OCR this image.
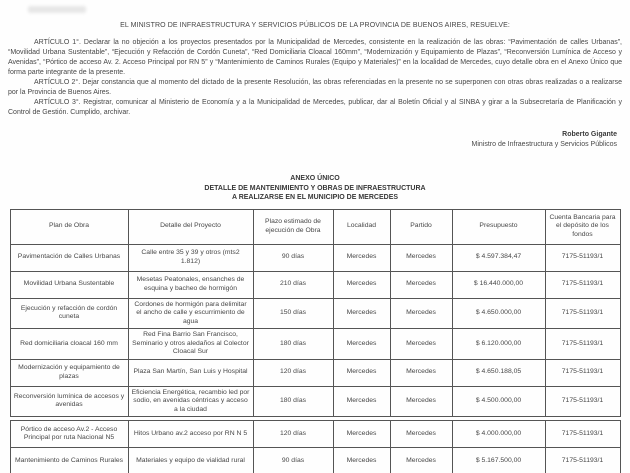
EL MINISTRO DE INFRAESTRUCTURA Y SERVICIOS PÚBLICOS DE LA PROVINCIA DE BUENOS AIRES, RESUELVE:

ARTÍCULO 1°. Declarar la no objeción a los proyectos presentados por la Municipalidad de Mercedes, consistente en la realización de las obras: “Pavimentación de calles Urbanas”, “Movilidad Urbana Sustentable”, “Ejecución y Refacción de Cordón Cuneta”, “Red Domiciliaria Cloacal 160mm”, “Modernización y Equipamiento de Plazas”, “Reconversión Lumínica de Acceso y Avenidas”, “Pórtico de acceso Av. 2. Acceso Principal por RN 5” y “Mantenimiento de Caminos Rurales (Equipo y Materiales)” en la localidad de Mercedes, cuyo detalle obra en el Anexo Único que forma parte integrante de la presente.

ARTÍCULO 2°. Dejar constancia que al momento del dictado de la presente Resolución, las obras referenciadas en la presente no se superponen con otras obras realizadas o a realizarse por la Provincia de Buenos Aires.

ARTÍCULO 3°. Registrar, comunicar al Ministerio de Economía y a la Municipalidad de Mercedes, publicar, dar al Boletín Oficial y al SINBA y girar a la Subsecretaría de Planificación y Control de Gestión. Cumplido, archivar.

Roberto Gigante
Ministro de Infraestructura y Servicios Públicos
ANEXO ÚNICO
DETALLE DE MANTENIMIENTO Y OBRAS DE INFRAESTRUCTURA
A REALIZARSE EN EL MUNICIPIO DE MERCEDES
Plan de Obra	Detalle del Proyecto	Plazo estimado de ejecución de Obra	Localidad	Partido	Presupuesto	Cuenta Bancaria para el depósito de los fondos
Pavimentación de Calles Urbanas	Calle entre 35 y 39 y otros (mts2 1.812)	90 días	Mercedes	Mercedes	$ 4.597.384,47	7175-51193/1
Movilidad Urbana Sustentable	Mesetas Peatonales, ensanches de esquina y bacheo de hormigón	210 días	Mercedes	Mercedes	$ 16.440.000,00	7175-51193/1
Ejecución y refacción de cordón cuneta	Cordones de hormigón para delimitar el ancho de calle y escurrimiento de agua	150 días	Mercedes	Mercedes	$ 4.650.000,00	7175-51193/1
Red domiciliaria cloacal 160 mm	Red Fina Barrio San Francisco, Seminario y otros aledaños al Colector Cloacal Sur	180 días	Mercedes	Mercedes	$ 6.120.000,00	7175-51193/1
Modernización y equipamiento de plazas	Plaza San Martín, San Luis y Hospital	120 días	Mercedes	Mercedes	$ 4.650.188,05	7175-51193/1
Reconversión lumínica de accesos y avenidas	Eficiencia Energética, recambio led por sodio, en avenidas céntricas y acceso a la ciudad	180 días	Mercedes	Mercedes	$ 4.500.000,00	7175-51193/1
Pórtico de acceso Av.2 - Acceso Principal por ruta Nacional N5	Hitos Urbano av.2 acceso por RN N 5	120 días	Mercedes	Mercedes	$ 4.000.000,00	7175-51193/1
Mantenimiento de Caminos Rurales	Materiales y equipo de vialidad rural	90 días	Mercedes	Mercedes	$ 5.167.500,00	7175-51193/1
